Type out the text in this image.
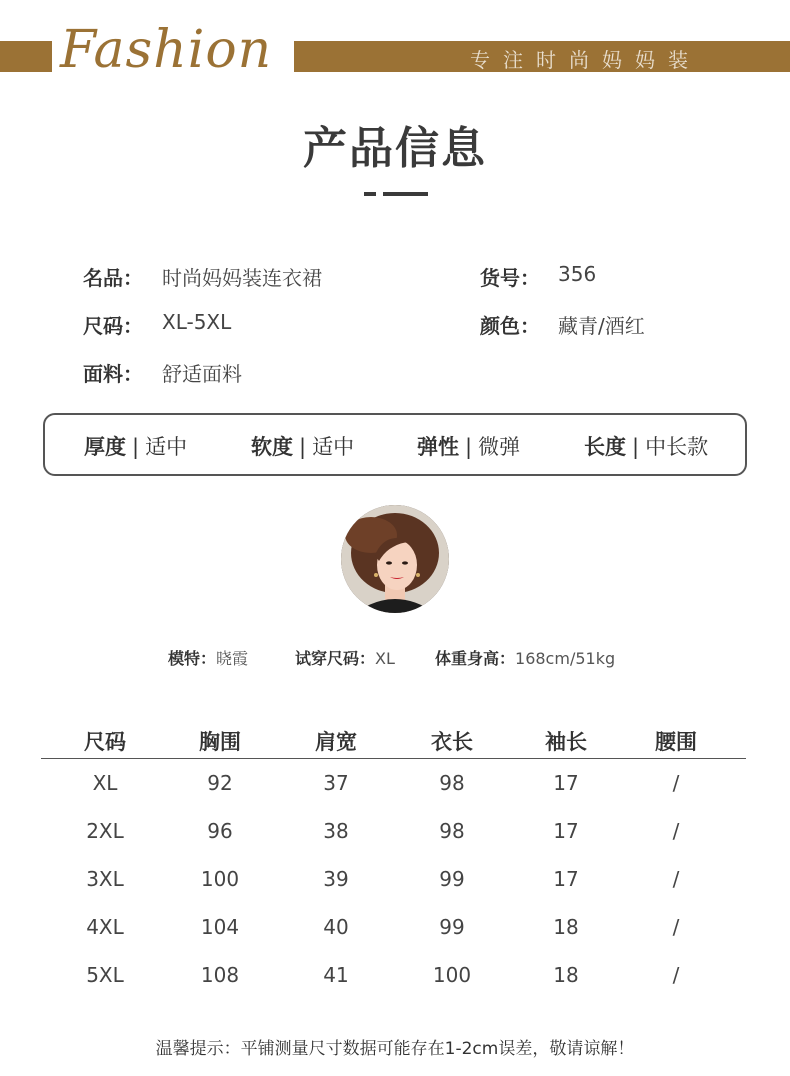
Fashion	专注时尚妈妈装
产品信息
名品： 时尚妈妈装连衣裙	货号： 356
尺码： XL-5XL	颜色： 藏青/酒红
面料： 舒适面料
厚度 | 适中	软度 | 适中	弹性 | 微弹	长度 | 中长款
模特：晓霞	试穿尺码：XL	体重身高：168cm/51kg
尺码	胸围	肩宽	衣长	袖长	腰围
XL	92	37	98	17	/
2XL	96	38	98	17	/
3XL	100	39	99	17	/
4XL	104	40	99	18	/
5XL	108	41	100	18	/
温馨提示：平铺测量尺寸数据可能存在1-2cm误差，敬请谅解！
